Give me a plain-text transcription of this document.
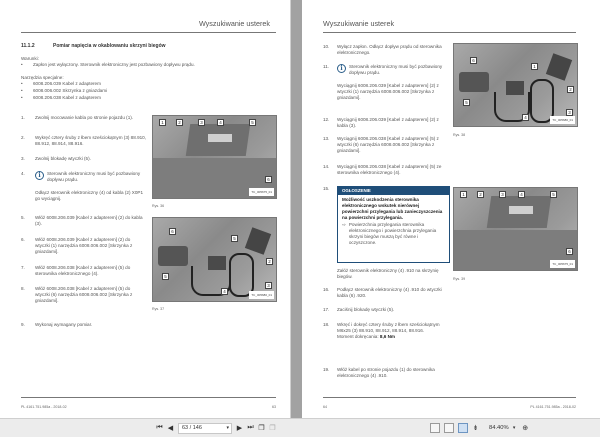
Wyszukiwanie usterek
11.1.2	Pomiar napięcia w okablowaniu skrzyni biegów
Warunki:
•	Zapłon jest wyłączony. Sterownik elektroniczny jest pozbawiony dopływu prądu.
Narzędzia specjalne:
•	6008.206.039 Kabel z adapterem
•	6008.006.002 Skrzynka z gniazdami
•	6008.206.038 Kabel z adapterem
1.	Zwolnij mocowanie kabla po stronie pojazdu (1).
2.	Wykręć cztery śruby z łbem sześciokątnym (3) 88.910, 88.912, 88.914, 88.916.
3.	Zwolnij blokadę wtyczki (5).
4.	i	Sterownik elektroniczny musi być pozbawiony dopływu prądu.
Odłącz sterownik elektroniczny (4) od kabla (2) X0P1 go wyciągnij.
5.	Włóż 6008.206.039 [Kabel z adapterem] (2) do kabla (3).
6.	Włóż 6008.206.039 [Kabel z adapterem] (2) do wtyczki (1) narzędzia 6008.006.002 [Skrzynka z gniazdami].
7.	Włóż 6008.206.038 [Kabel z adapterem] (5) do sterownika elektronicznego (4).
8.	Włóż 6008.206.038 [Kabel z adapterem] (5) do wtyczki (6) narzędzia 6008.006.002 [Skrzynka z gniazdami].
9.	Wykonaj wymagany pomiar.
1	2	3	4	5
6
TC_005675_01
Rys. 36
6
5
2
5
4
3
TC_005680_01
Rys. 37
PL 4161.751.985a - 2018-02	63
Wyszukiwanie usterek
10.	Wyłącz zapłon. Odłącz dopływ prądu od sterownika elektronicznego.
11.	i	Sterownik elektroniczny musi być pozbawiony dopływu prądu.
Wyciągnij 6008.206.039 [Kabel z adapterem] (2) z wtyczki (1) narzędzia 6008.006.002 [Skrzynka z gniazdami].
12.	Wyciągnij 6008.206.039 [Kabel z adapterem] (2) z kabla (3).
13.	Wyciągnij 6008.206.038 [Kabel z adapterem] (5) z wtyczki (6) narzędzia 6008.006.002 [Skrzynka z gniazdami].
14.	Wyciągnij 6008.206.038 [Kabel z adapterem] (5) ze sterownika elektronicznego (4).
15.	OGŁOSZENIE
Możliwość uszkodzenia sterownika elektronicznego wskutek nierównej powierzchni przylegania lub zanieczyszczenia na powierzchni przylegania.
⇨ Powierzchnia przylegania sterownika elektronicznego i powierzchnia przylegania skrzyni biegów muszą być równe i oczyszczone.
Załóż sterownik elektroniczny (4) .910 na skrzynię biegów.
16.	Podłącz sterownik elektroniczny (4) .910 do wtyczki kabla (6) .920.
17.	Zaciśnij blokadę wtyczki (5).
18.	Wkręć i dokręć cztery śruby z łbem sześciokątnym M6x25 (3) 88.910, 88.912, 88.914, 88.916.
Moment dokręcania: 8,6 Nm
19.	Włóż kabel po stronie pojazdu (1) do sterownika elektronicznego (4) .910.
6
1
2
5
4
3
TC_005680_01
Rys. 38
1	2	3	4	5
6
TC_005675_01
Rys. 39
64	PL 4161.751.985a - 2018-02
⏮ ◀	63 / 146	▾	▶ ⏭ ❐ ❐	⇟	84.40% ▾ ⊕
